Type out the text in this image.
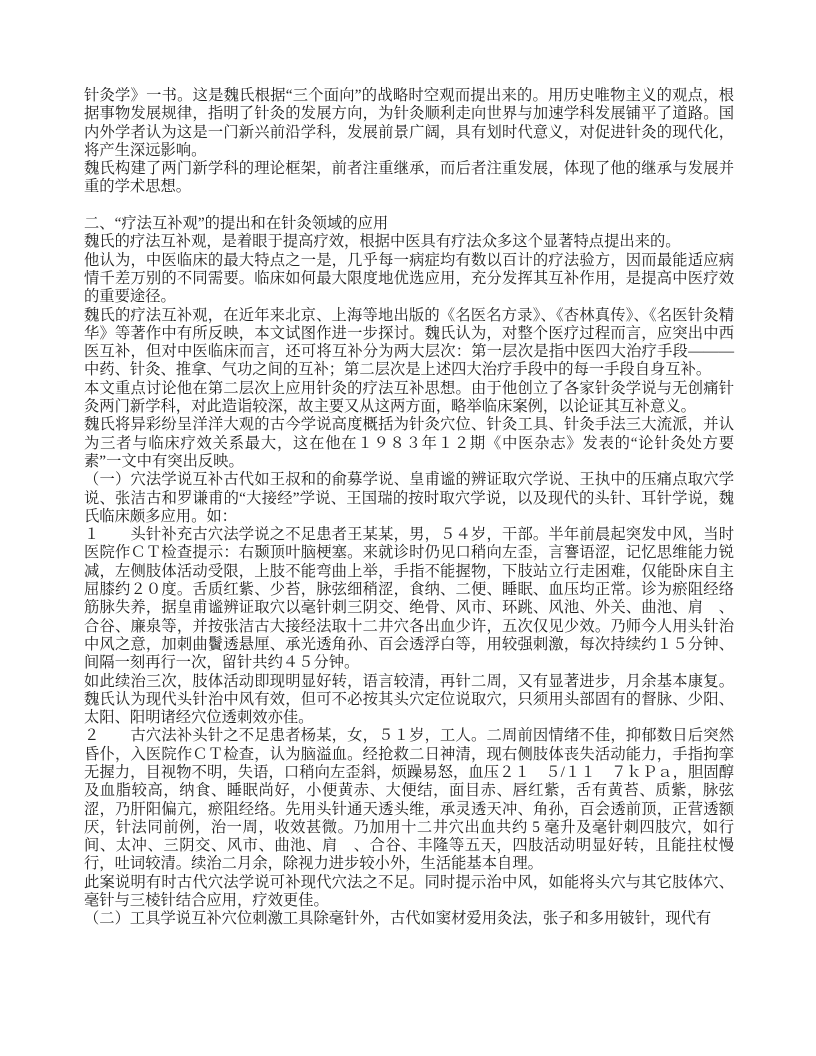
针灸学》一书。这是魏氏根据“三个面向”的战略时空观而提出来的。用历史唯物主义的观点，根据事物发展规律，指明了针灸的发展方向，为针灸顺利走向世界与加速学科发展铺平了道路。国内外学者认为这是一门新兴前沿学科，发展前景广阔，具有划时代意义，对促进针灸的现代化，将产生深远影响。

魏氏构建了两门新学科的理论框架，前者注重继承，而后者注重发展，体现了他的继承与发展并重的学术思想。

二、“疗法互补观”的提出和在针灸领域的应用

魏氏的疗法互补观，是着眼于提高疗效，根据中医具有疗法众多这个显著特点提出来的。

他认为，中医临床的最大特点之一是，几乎每一病症均有数以百计的疗法验方，因而最能适应病情千差万别的不同需要。临床如何最大限度地优选应用，充分发挥其互补作用，是提高中医疗效的重要途径。

魏氏的疗法互补观，在近年来北京、上海等地出版的《名医名方录》、《杏林真传》、《名医针灸精华》等著作中有所反映，本文试图作进一步探讨。魏氏认为，对整个医疗过程而言，应突出中西医互补，但对中医临床而言，还可将互补分为两大层次：第一层次是指中医四大治疗手段———中药、针灸、推拿、气功之间的互补；第二层次是上述四大治疗手段中的每一手段自身互补。

本文重点讨论他在第二层次上应用针灸的疗法互补思想。由于他创立了各家针灸学说与无创痛针灸两门新学科，对此造诣较深，故主要又从这两方面，略举临床案例，以论证其互补意义。

魏氏将异彩纷呈洋洋大观的古今学说高度概括为针灸穴位、针灸工具、针灸手法三大流派，并认为三者与临床疗效关系最大，这在他在１９８３年１２期《中医杂志》发表的“论针灸处方要素”一文中有突出反映。

（一）穴法学说互补古代如王叔和的俞募学说、皇甫谧的辨证取穴学说、王执中的压痛点取穴学说、张洁古和罗谦甫的“大接经”学说、王国瑞的按时取穴学说，以及现代的头针、耳针学说，魏氏临床颇多应用。如：

１　　头针补充古穴法学说之不足患者王某某，男，５４岁，干部。半年前晨起突发中风，当时医院作ＣＴ检查提示：右颞顶叶脑梗塞。来就诊时仍见口稍向左歪，言謇语涩，记忆思维能力锐减，左侧肢体活动受限，上肢不能弯曲上举，手指不能握物，下肢站立行走困难，仅能卧床自主屈膝约２０度。舌质红紫、少苔，脉弦细稍涩，食纳、二便、睡眠、血压均正常。诊为瘀阻经络筋脉失养，据皇甫谧辨证取穴以毫针刺三阴交、绝骨、风市、环跳、风池、外关、曲池、肩　、合谷、廉泉等，并按张洁古大接经法取十二井穴各出血少许，五次仅见少效。乃师今人用头针治中风之意，加刺曲鬢透悬厘、承光透角孙、百会透浮白等，用较强刺激，每次持续约１５分钟、间隔一刻再行一次，留针共约４５分钟。

如此续治三次，肢体活动即现明显好转，语言较清，再针二周，又有显著进步，月余基本康复。魏氏认为现代头针治中风有效，但可不必按其头穴定位说取穴，只须用头部固有的督脉、少阳、太阳、阳明诸经穴位透刺效亦佳。

２　　古穴法补头针之不足患者杨某，女，５１岁，工人。二周前因情绪不佳，抑郁数日后突然昏仆，入医院作ＣＴ检查，认为脑溢血。经抢救二日神清，现右侧肢体丧失活动能力，手指拘挛无握力，目视物不明，失语，口稍向左歪斜，烦躁易怒，血压２１　５/１１　７ｋＰａ，胆固醇及血脂较高，纳食、睡眠尚好，小便黄赤、大便结，面目赤、唇红紫，舌有黄苔、质紫，脉弦涩，乃肝阳偏亢，瘀阻经络。先用头针通天透头维，承灵透天冲、角孙，百会透前顶，正营透额厌，针法同前例，治一周，收效甚微。乃加用十二井穴出血共约 5 毫升及毫针刺四肢穴，如行间、太冲、三阴交、风市、曲池、肩　、合谷、丰隆等五天，四肢活动明显好转，且能拄杖慢行，吐词较清。续治二月余，除视力进步较小外，生活能基本自理。

此案说明有时古代穴法学说可补现代穴法之不足。同时提示治中风，如能将头穴与其它肢体穴、毫针与三棱针结合应用，疗效更佳。

（二）工具学说互补穴位刺激工具除毫针外，古代如窦材爱用灸法，张子和多用铍针，现代有
